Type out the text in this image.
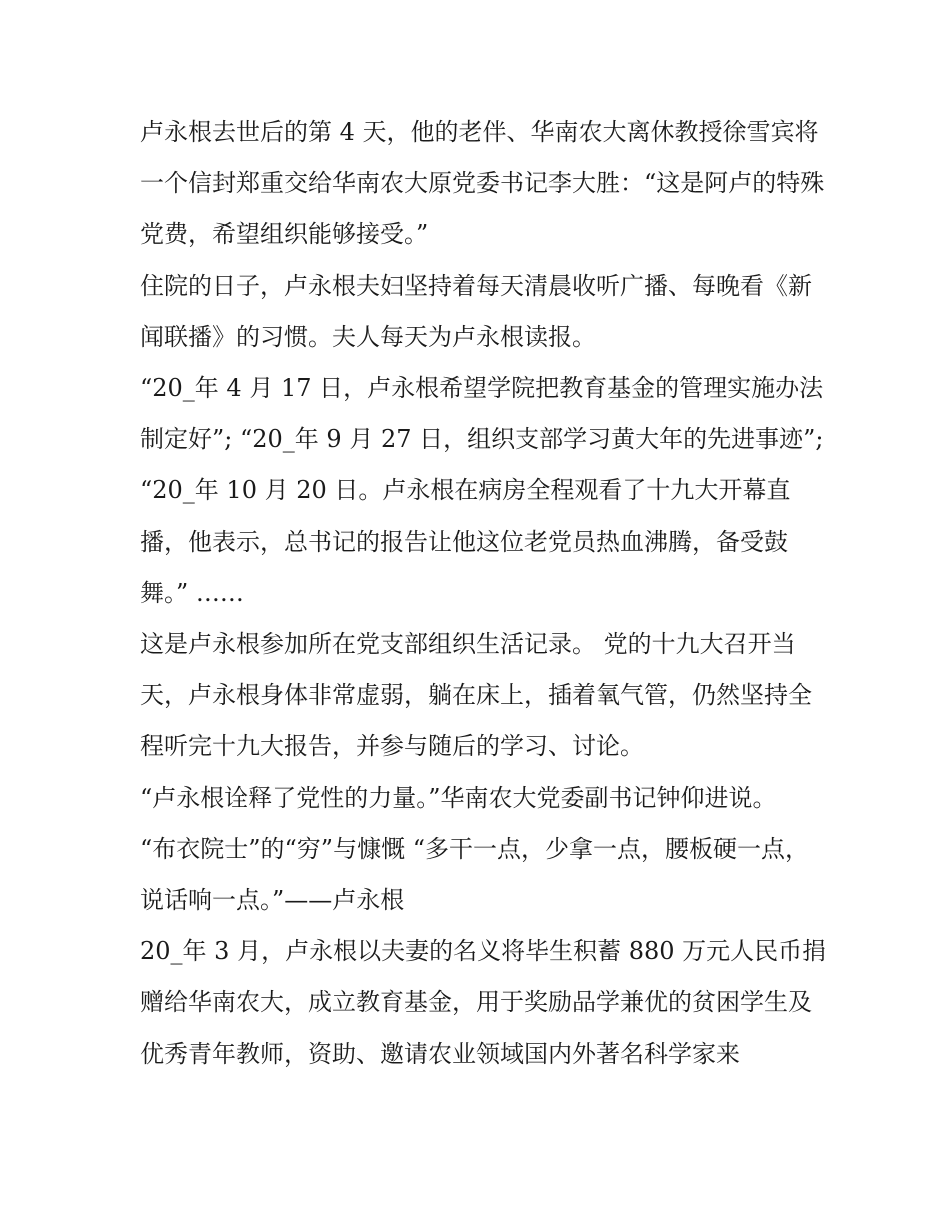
卢永根去世后的第 4 天，他的老伴、华南农大离休教授徐雪宾将一个信封郑重交给华南农大原党委书记李大胜：“这是阿卢的特殊党费，希望组织能够接受。”

住院的日子，卢永根夫妇坚持着每天清晨收听广播、每晚看《新闻联播》的习惯。夫人每天为卢永根读报。

“20_年 4 月 17 日，卢永根希望学院把教育基金的管理实施办法制定好”; “20_年 9 月 27 日，组织支部学习黄大年的先进事迹”;

“20_年 10 月 20 日。卢永根在病房全程观看了十九大开幕直播，他表示，总书记的报告让他这位老党员热血沸腾，备受鼓舞。” ……

这是卢永根参加所在党支部组织生活记录。 党的十九大召开当天，卢永根身体非常虚弱，躺在床上，插着氧气管，仍然坚持全程听完十九大报告，并参与随后的学习、讨论。

“卢永根诠释了党性的力量。”华南农大党委副书记钟仰进说。

“布衣院士”的“穷”与慷慨 “多干一点，少拿一点，腰板硬一点，说话响一点。”——卢永根

20_年 3 月，卢永根以夫妻的名义将毕生积蓄 880 万元人民币捐赠给华南农大，成立教育基金，用于奖励品学兼优的贫困学生及优秀青年教师，资助、邀请农业领域国内外著名科学家来
